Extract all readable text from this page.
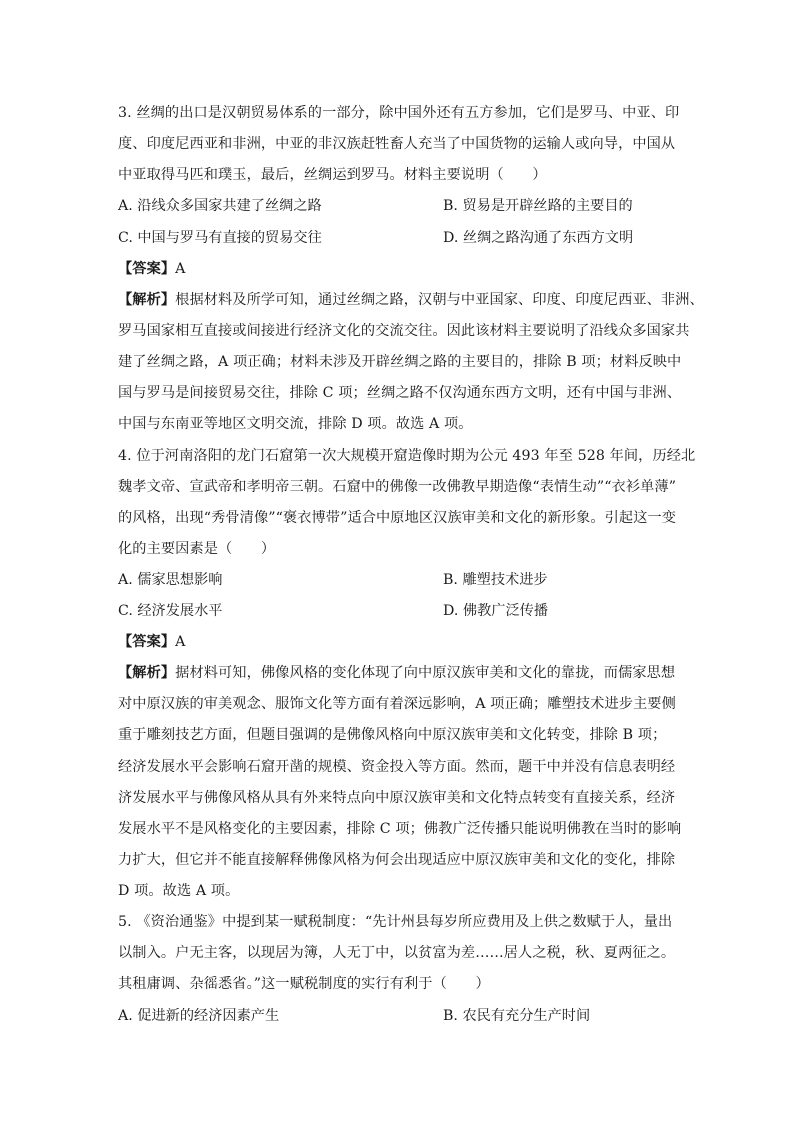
3. 丝绸的出口是汉朝贸易体系的一部分，除中国外还有五方参加，它们是罗马、中亚、印
度、印度尼西亚和非洲，中亚的非汉族赶牲畜人充当了中国货物的运输人或向导，中国从
中亚取得马匹和璞玉，最后，丝绸运到罗马。材料主要说明（　　）
A. 沿线众多国家共建了丝绸之路	B. 贸易是开辟丝路的主要目的
C. 中国与罗马有直接的贸易交往	D. 丝绸之路沟通了东西方文明
【答案】A
【解析】根据材料及所学可知，通过丝绸之路，汉朝与中亚国家、印度、印度尼西亚、非洲、
罗马国家相互直接或间接进行经济文化的交流交往。因此该材料主要说明了沿线众多国家共
建了丝绸之路，A 项正确；材料未涉及开辟丝绸之路的主要目的，排除 B 项；材料反映中
国与罗马是间接贸易交往，排除 C 项；丝绸之路不仅沟通东西方文明，还有中国与非洲、
中国与东南亚等地区文明交流，排除 D 项。故选 A 项。
4. 位于河南洛阳的龙门石窟第一次大规模开窟造像时期为公元 493 年至 528 年间，历经北
魏孝文帝、宣武帝和孝明帝三朝。石窟中的佛像一改佛教早期造像“表情生动”“衣衫单薄”
的风格，出现“秀骨清像”“褒衣博带”适合中原地区汉族审美和文化的新形象。引起这一变
化的主要因素是（　　）
A. 儒家思想影响	B. 雕塑技术进步
C. 经济发展水平	D. 佛教广泛传播
【答案】A
【解析】据材料可知，佛像风格的变化体现了向中原汉族审美和文化的靠拢，而儒家思想
对中原汉族的审美观念、服饰文化等方面有着深远影响，A 项正确；雕塑技术进步主要侧
重于雕刻技艺方面，但题目强调的是佛像风格向中原汉族审美和文化转变，排除 B 项；
经济发展水平会影响石窟开凿的规模、资金投入等方面。然而，题干中并没有信息表明经
济发展水平与佛像风格从具有外来特点向中原汉族审美和文化特点转变有直接关系，经济
发展水平不是风格变化的主要因素，排除 C 项；佛教广泛传播只能说明佛教在当时的影响
力扩大，但它并不能直接解释佛像风格为何会出现适应中原汉族审美和文化的变化，排除
D 项。故选 A 项。
5. 《资治通鉴》中提到某一赋税制度：“先计州县每岁所应费用及上供之数赋于人，量出
以制入。户无主客，以现居为簿，人无丁中，以贫富为差……居人之税，秋、夏两征之。
其租庸调、杂徭悉省。”这一赋税制度的实行有利于（　　）
A. 促进新的经济因素产生	B. 农民有充分生产时间
